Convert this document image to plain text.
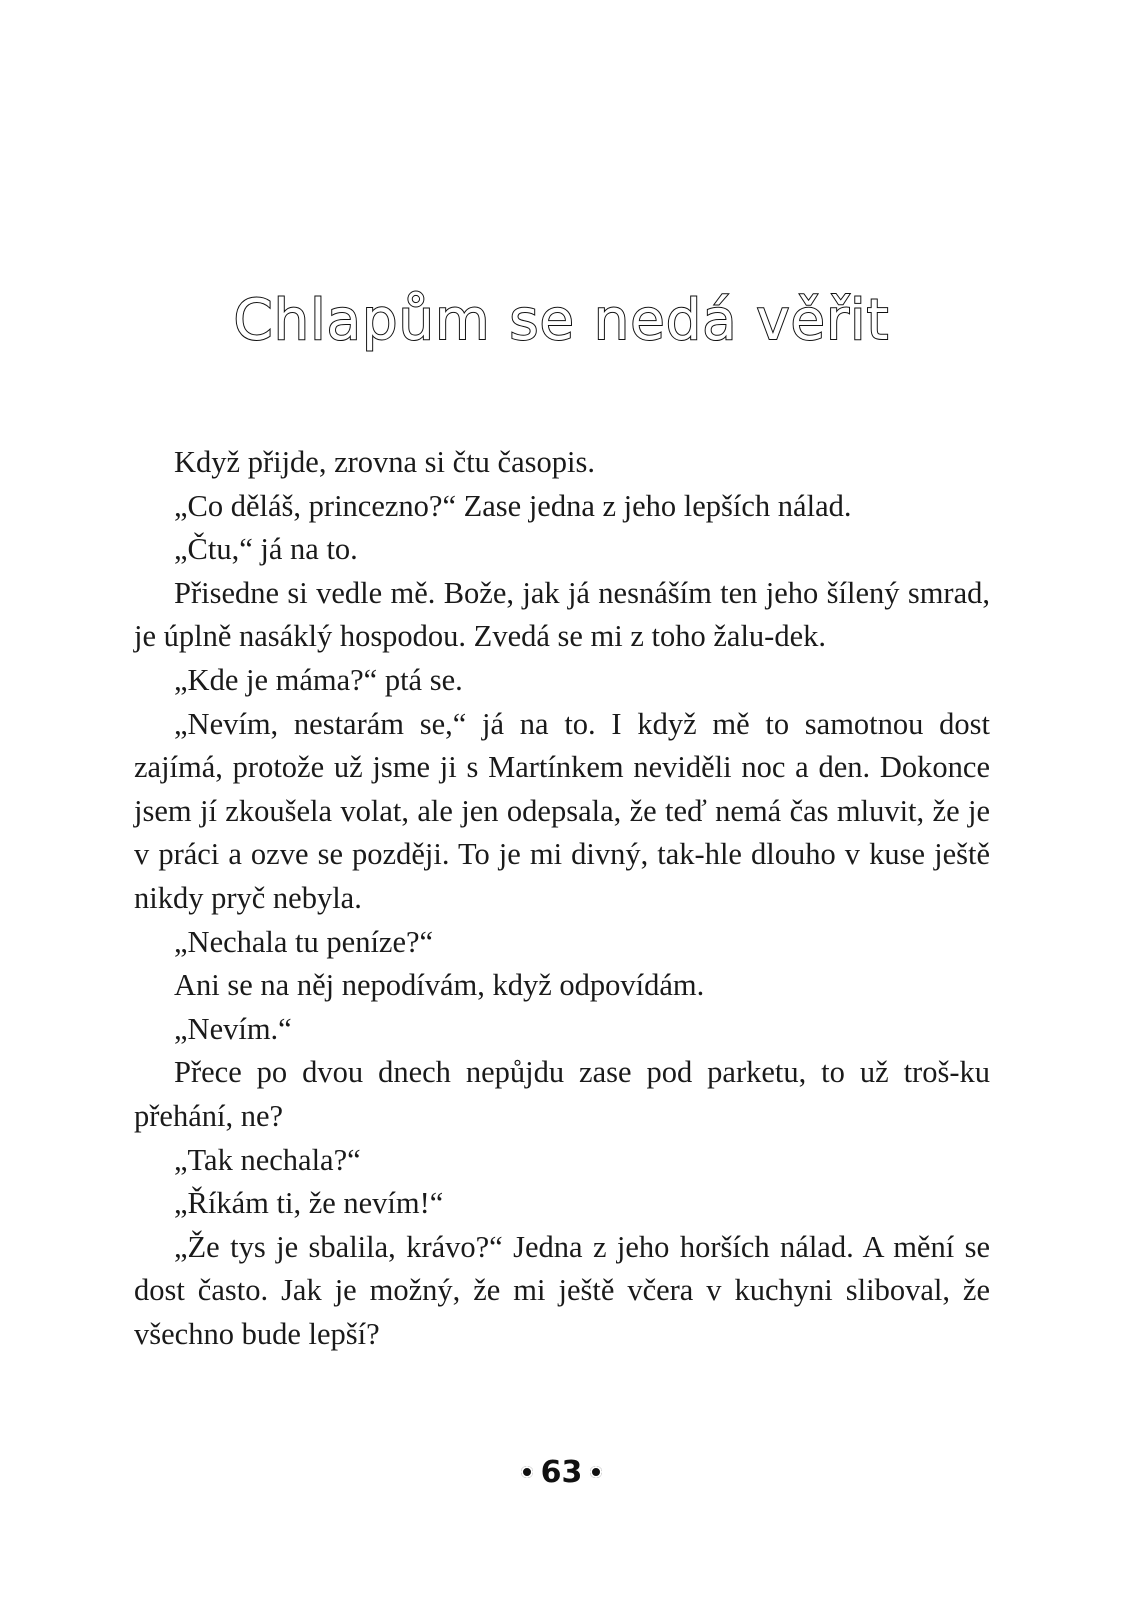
Chlapům se nedá věřit

Když přijde, zrovna si čtu časopis.

„Co děláš, princezno?“ Zase jedna z jeho lepších nálad.

„Čtu,“ já na to.

Přisedne si vedle mě. Bože, jak já nesnáším ten jeho šílený smrad, je úplně nasáklý hospodou. Zvedá se mi z toho žalu-dek.

„Kde je máma?“ ptá se.

„Nevím, nestarám se,“ já na to. I když mě to samotnou dost zajímá, protože už jsme ji s Martínkem neviděli noc a den. Dokonce jsem jí zkoušela volat, ale jen odepsala, že teď nemá čas mluvit, že je v práci a ozve se později. To je mi divný, tak-hle dlouho v kuse ještě nikdy pryč nebyla.

„Nechala tu peníze?“

Ani se na něj nepodívám, když odpovídám.

„Nevím.“

Přece po dvou dnech nepůjdu zase pod parketu, to už troš-ku přehání, ne?

„Tak nechala?“

„Říkám ti, že nevím!“

„Že tys je sbalila, krávo?“ Jedna z jeho horších nálad. A mění se dost často. Jak je možný, že mi ještě včera v kuchyni sliboval, že všechno bude lepší?

63
